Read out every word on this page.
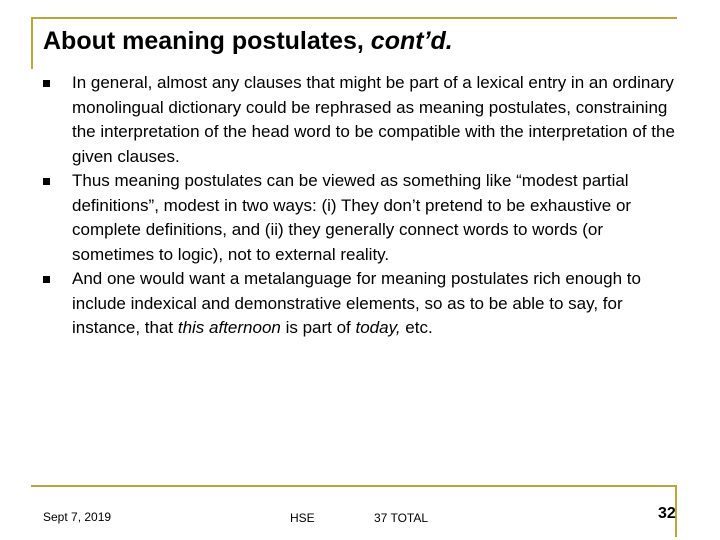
About meaning postulates, cont’d.
In general, almost any clauses that might be part of a lexical entry in an ordinary monolingual dictionary could be rephrased as meaning postulates, constraining the interpretation of the head word to be compatible with the interpretation of the given clauses.
Thus meaning postulates can be viewed as something like “modest partial definitions”, modest in two ways: (i) They don’t pretend to be exhaustive or complete definitions, and (ii) they generally connect words to words (or sometimes to logic), not to external reality.
And one would want a metalanguage for meaning postulates rich enough to include indexical and demonstrative elements, so as to be able to say, for instance, that this afternoon is part of today, etc.
Sept 7, 2019	HSE	37 TOTAL	32
